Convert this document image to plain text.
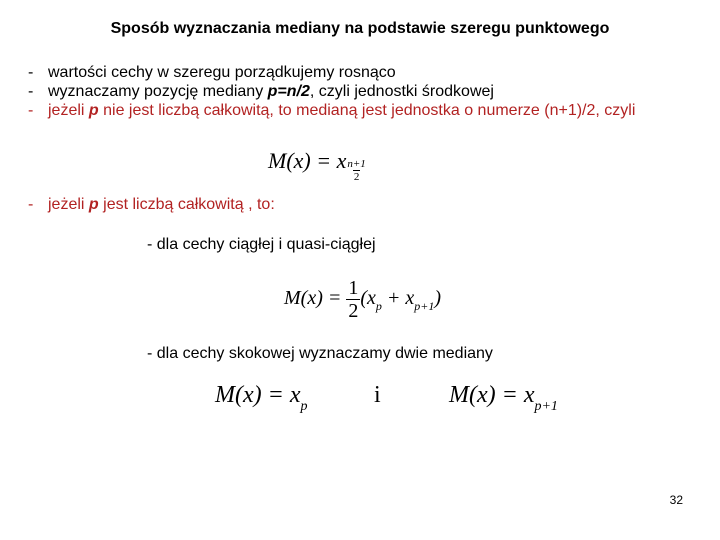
Sposób wyznaczania mediany na podstawie szeregu punktowego
- wartości cechy w szeregu porządkujemy rosnąco
- wyznaczamy pozycję mediany p=n/2, czyli jednostki środkowej
- jeżeli p nie jest liczbą całkowitą, to medianą jest jednostka o numerze (n+1)/2, czyli
M(x) = x $\frac{n+1}{2}$
- jeżeli p jest liczbą całkowitą , to:
- dla cechy ciągłej i quasi-ciągłej
$M(x) = \frac{1}{2} (x_p + x_{p+1})$
- dla cechy skokowej wyznaczamy dwie mediany
$M(x) = x_p$	i	$M(x) = x_{p+1}$
32
